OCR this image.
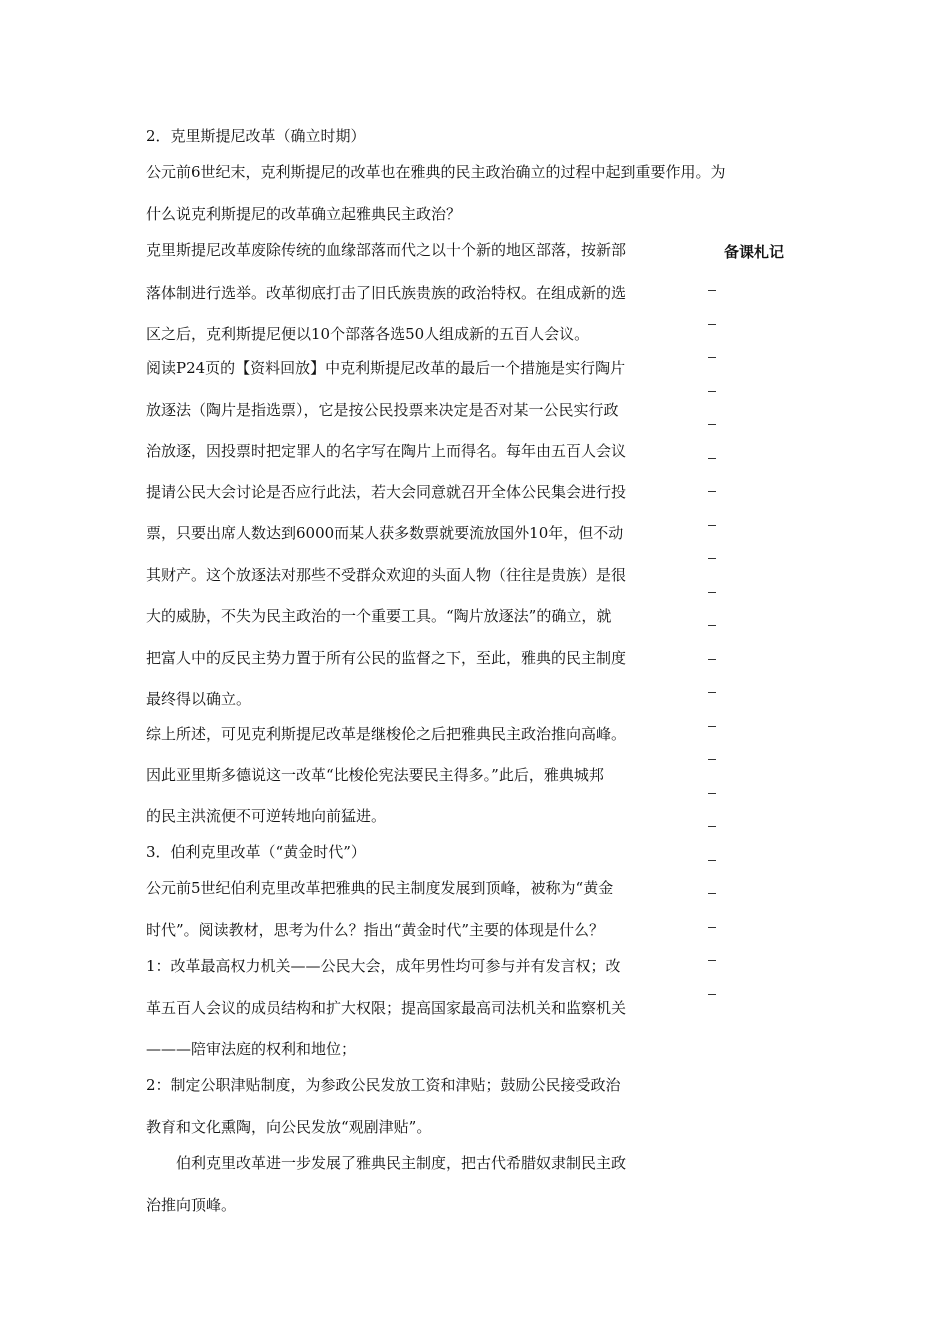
2．克里斯提尼改革（确立时期）
公元前6世纪末，克利斯提尼的改革也在雅典的民主政治确立的过程中起到重要作用。为
什么说克利斯提尼的改革确立起雅典民主政治？
克里斯提尼改革废除传统的血缘部落而代之以十个新的地区部落，按新部
落体制进行选举。改革彻底打击了旧氏族贵族的政治特权。在组成新的选
区之后，克利斯提尼便以10个部落各选50人组成新的五百人会议。
阅读P24页的【资料回放】中克利斯提尼改革的最后一个措施是实行陶片
放逐法（陶片是指选票），它是按公民投票来决定是否对某一公民实行政
治放逐，因投票时把定罪人的名字写在陶片上而得名。每年由五百人会议
提请公民大会讨论是否应行此法，若大会同意就召开全体公民集会进行投
票，只要出席人数达到6000而某人获多数票就要流放国外10年，但不动
其财产。这个放逐法对那些不受群众欢迎的头面人物（往往是贵族）是很
大的威胁，不失为民主政治的一个重要工具。“陶片放逐法”的确立，就
把富人中的反民主势力置于所有公民的监督之下，至此，雅典的民主制度
最终得以确立。
综上所述，可见克利斯提尼改革是继梭伦之后把雅典民主政治推向高峰。
因此亚里斯多德说这一改革“比梭伦宪法要民主得多。”此后，雅典城邦
的民主洪流便不可逆转地向前猛进。
3．伯利克里改革（“黄金时代”）
公元前5世纪伯利克里改革把雅典的民主制度发展到顶峰，被称为“黄金
时代”。阅读教材，思考为什么？指出“黄金时代”主要的体现是什么？
1：改革最高权力机关——公民大会，成年男性均可参与并有发言权；改
革五百人会议的成员结构和扩大权限；提高国家最高司法机关和监察机关
———陪审法庭的权利和地位；
2：制定公职津贴制度，为参政公民发放工资和津贴；鼓励公民接受政治
教育和文化熏陶，向公民发放“观剧津贴”。
伯利克里改革进一步发展了雅典民主制度，把古代希腊奴隶制民主政
治推向顶峰。
备课札记
